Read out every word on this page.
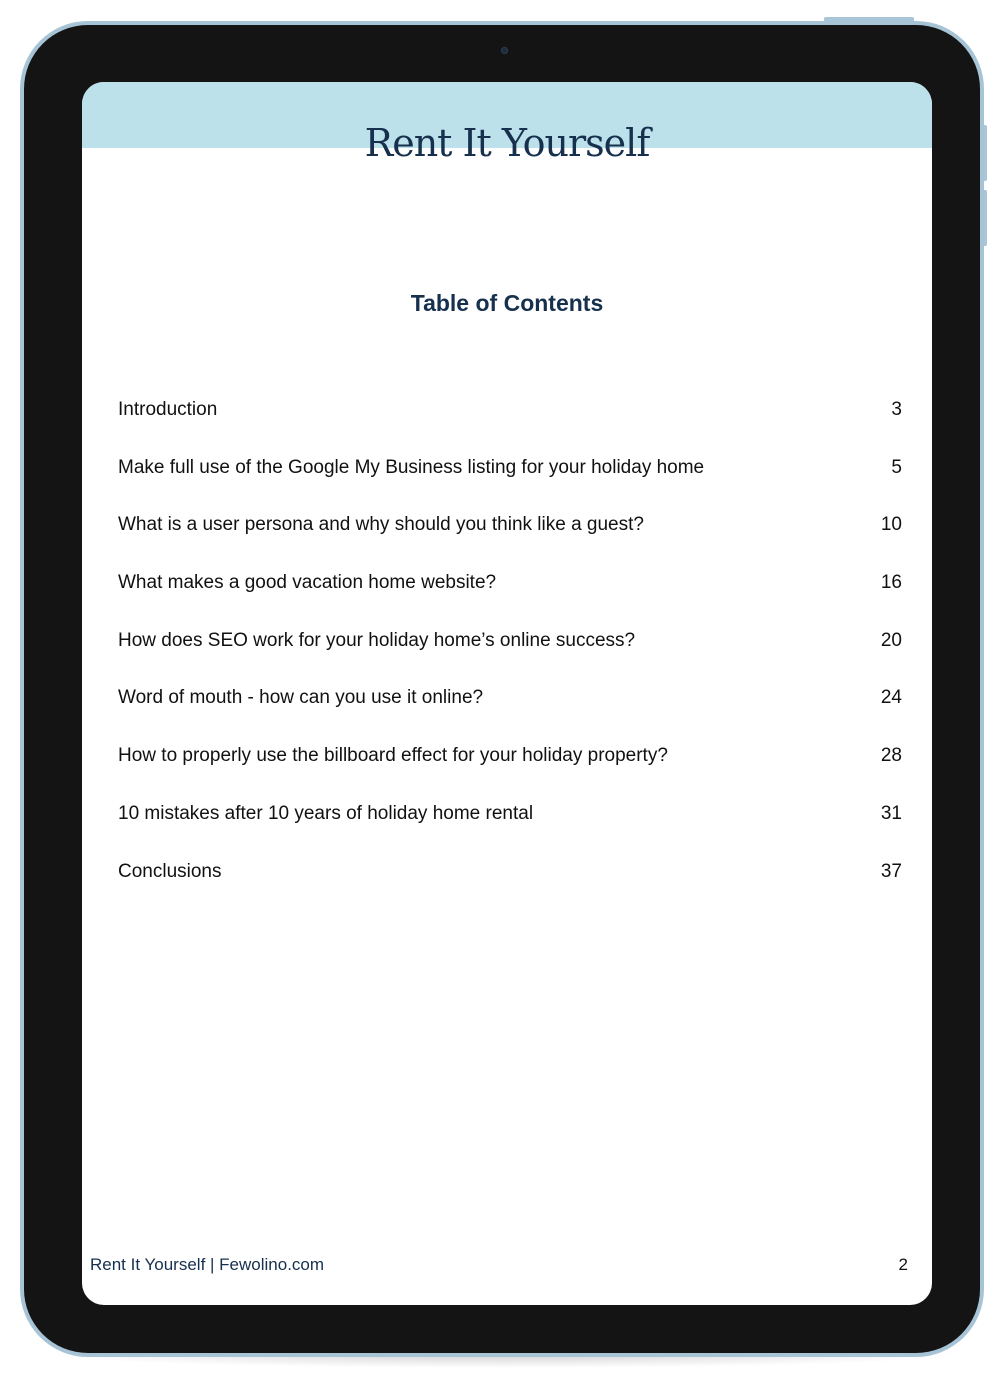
Rent It Yourself
Table of Contents
Introduction	3
Make full use of the Google My Business listing for your holiday home	5
What is a user persona and why should you think like a guest?	10
What makes a good vacation home website?	16
How does SEO work for your holiday home’s online success?	20
Word of mouth - how can you use it online?	24
How to properly use the billboard effect for your holiday property?	28
10 mistakes after 10 years of holiday home rental	31
Conclusions	37
Rent It Yourself | Fewolino.com	2
